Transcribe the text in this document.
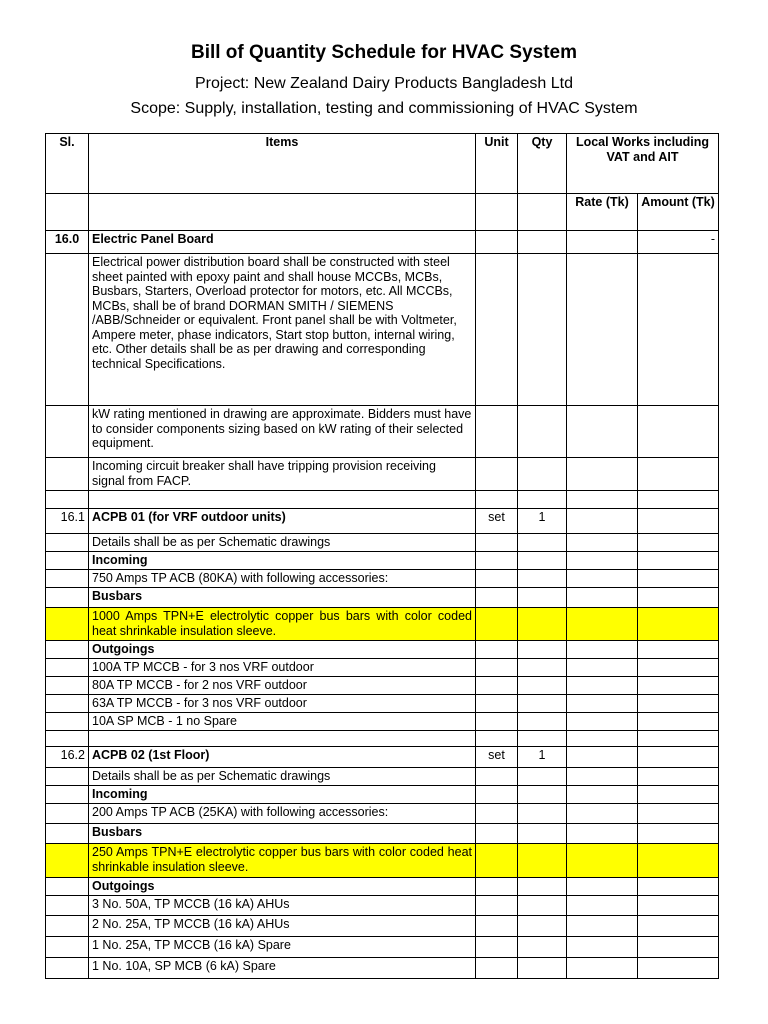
Bill of Quantity Schedule for HVAC System
Project: New Zealand Dairy Products Bangladesh Ltd
Scope: Supply, installation, testing and commissioning of HVAC System
Sl.	Items	Unit	Qty	Local Works including VAT and AIT	
				Rate (Tk)	Amount (Tk)
16.0	Electric Panel Board				-
	Electrical power distribution board shall be constructed with steel sheet painted with epoxy paint and shall house MCCBs, MCBs, Busbars, Starters, Overload protector for motors, etc. All MCCBs, MCBs, shall be of brand DORMAN SMITH / SIEMENS /ABB/Schneider or equivalent. Front panel shall be with Voltmeter, Ampere meter, phase indicators, Start stop button, internal wiring, etc. Other details shall be as per drawing and corresponding technical Specifications.				
	kW rating mentioned in drawing are approximate. Bidders must have to consider components sizing based on kW rating of their selected equipment.				
	Incoming circuit breaker shall have tripping provision receiving signal from FACP.				

16.1	ACPB 01 (for VRF outdoor units)	set	1		
	Details shall be as per Schematic drawings				
	Incoming				
	750 Amps TP ACB (80KA) with following accessories:				
	Busbars				
	1000 Amps TPN+E electrolytic copper bus bars with color coded heat shrinkable insulation sleeve.				
	Outgoings				
	100A TP MCCB - for 3 nos VRF outdoor				
	80A TP MCCB - for 2 nos VRF outdoor				
	63A TP MCCB - for 3 nos VRF outdoor				
	10A SP MCB - 1 no Spare				

16.2	ACPB 02 (1st Floor)	set	1		
	Details shall be as per Schematic drawings				
	Incoming				
	200 Amps TP ACB (25KA) with following accessories:				
	Busbars				
	250 Amps TPN+E electrolytic copper bus bars with color coded heat shrinkable insulation sleeve.				
	Outgoings				
	3 No. 50A, TP MCCB (16 kA) AHUs				
	2 No. 25A, TP MCCB (16 kA) AHUs				
	1 No. 25A, TP MCCB (16 kA) Spare				
	1 No. 10A, SP MCB (6 kA) Spare				
